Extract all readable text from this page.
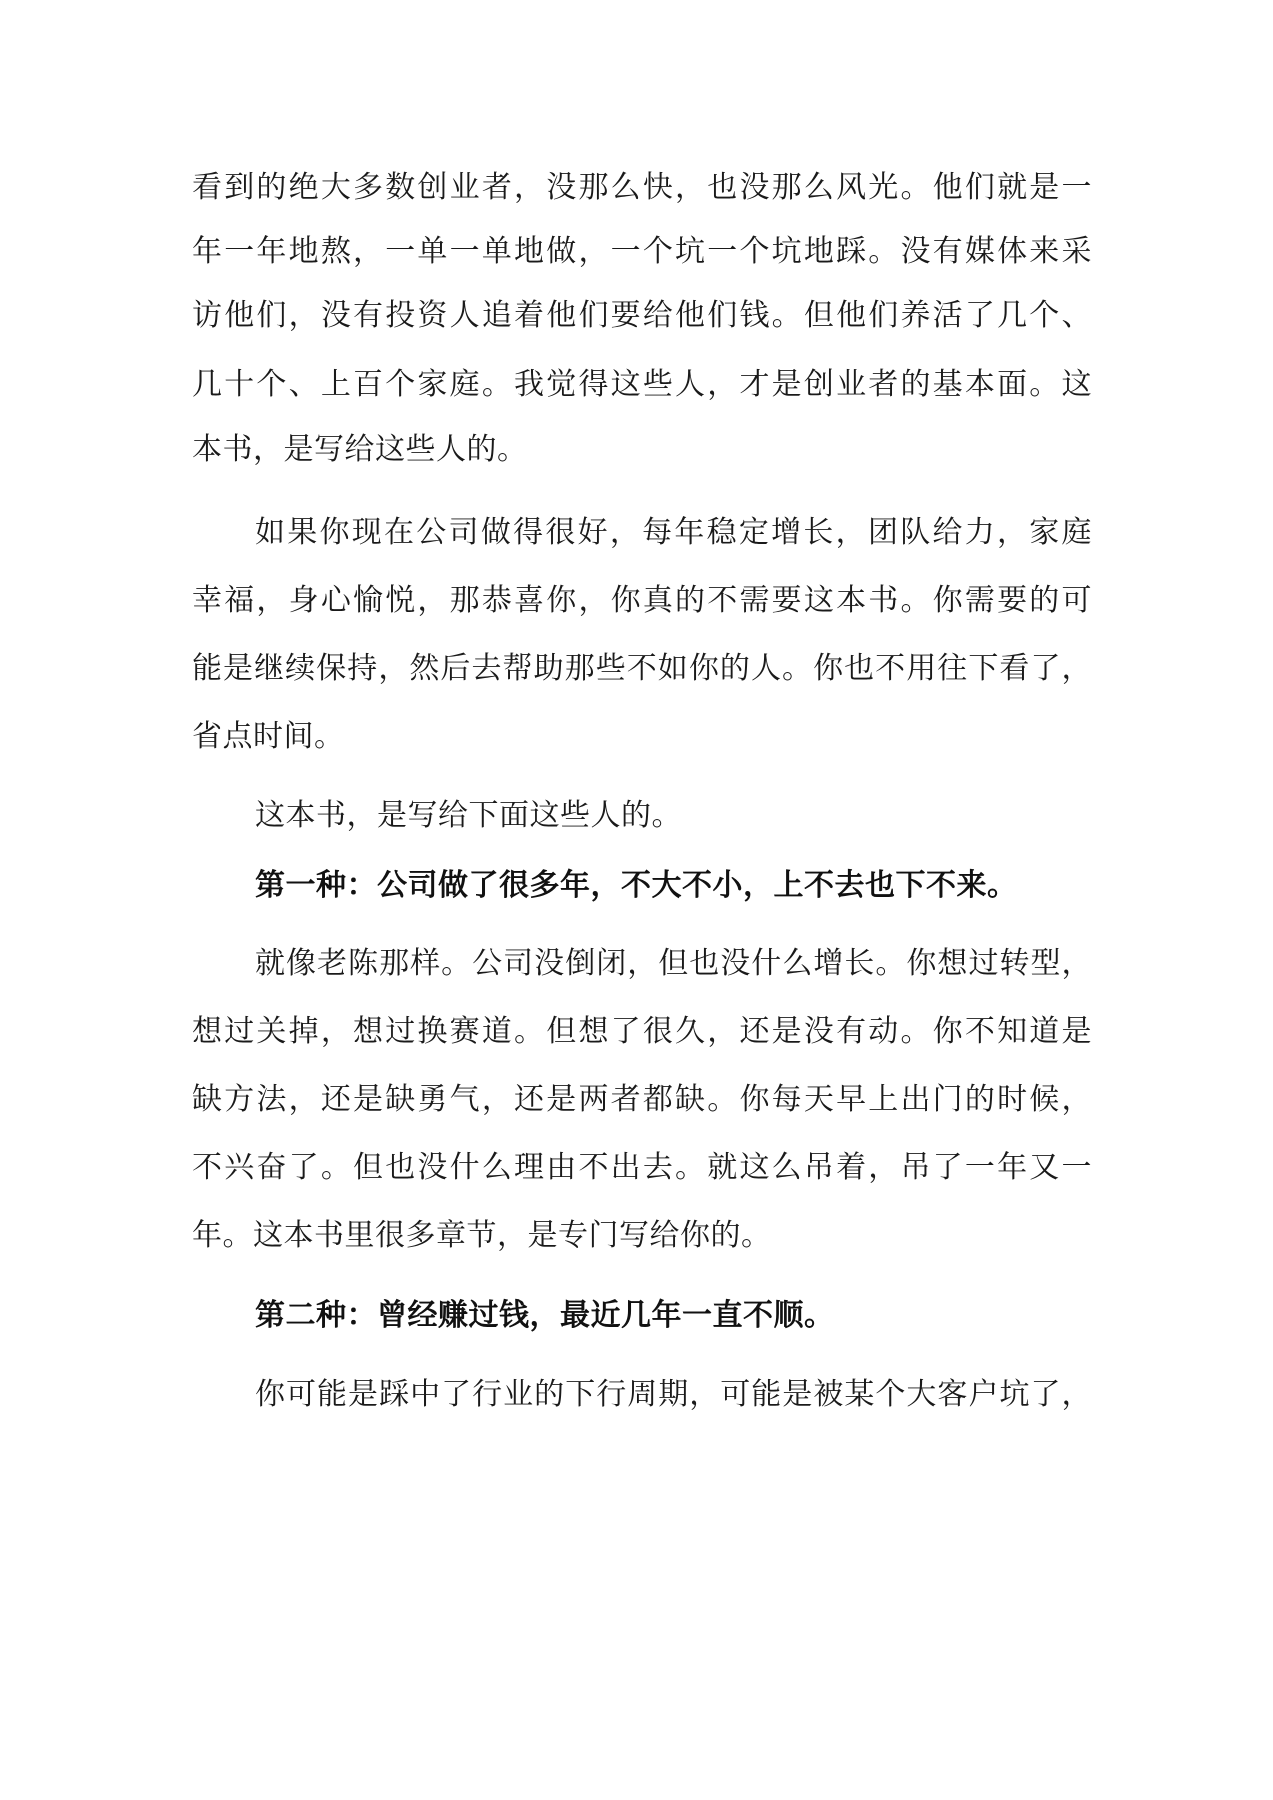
看到的绝大多数创业者，没那么快，也没那么风光。他们就是一
年一年地熬，一单一单地做，一个坑一个坑地踩。没有媒体来采
访他们，没有投资人追着他们要给他们钱。但他们养活了几个、
几十个、上百个家庭。我觉得这些人，才是创业者的基本面。这
本书，是写给这些人的。
如果你现在公司做得很好，每年稳定增长，团队给力，家庭
幸福，身心愉悦，那恭喜你，你真的不需要这本书。你需要的可
能是继续保持，然后去帮助那些不如你的人。你也不用往下看了，
省点时间。
这本书，是写给下面这些人的。
第一种：公司做了很多年，不大不小，上不去也下不来。
就像老陈那样。公司没倒闭，但也没什么增长。你想过转型，
想过关掉，想过换赛道。但想了很久，还是没有动。你不知道是
缺方法，还是缺勇气，还是两者都缺。你每天早上出门的时候，
不兴奋了。但也没什么理由不出去。就这么吊着，吊了一年又一
年。这本书里很多章节，是专门写给你的。
第二种：曾经赚过钱，最近几年一直不顺。
你可能是踩中了行业的下行周期，可能是被某个大客户坑了，
